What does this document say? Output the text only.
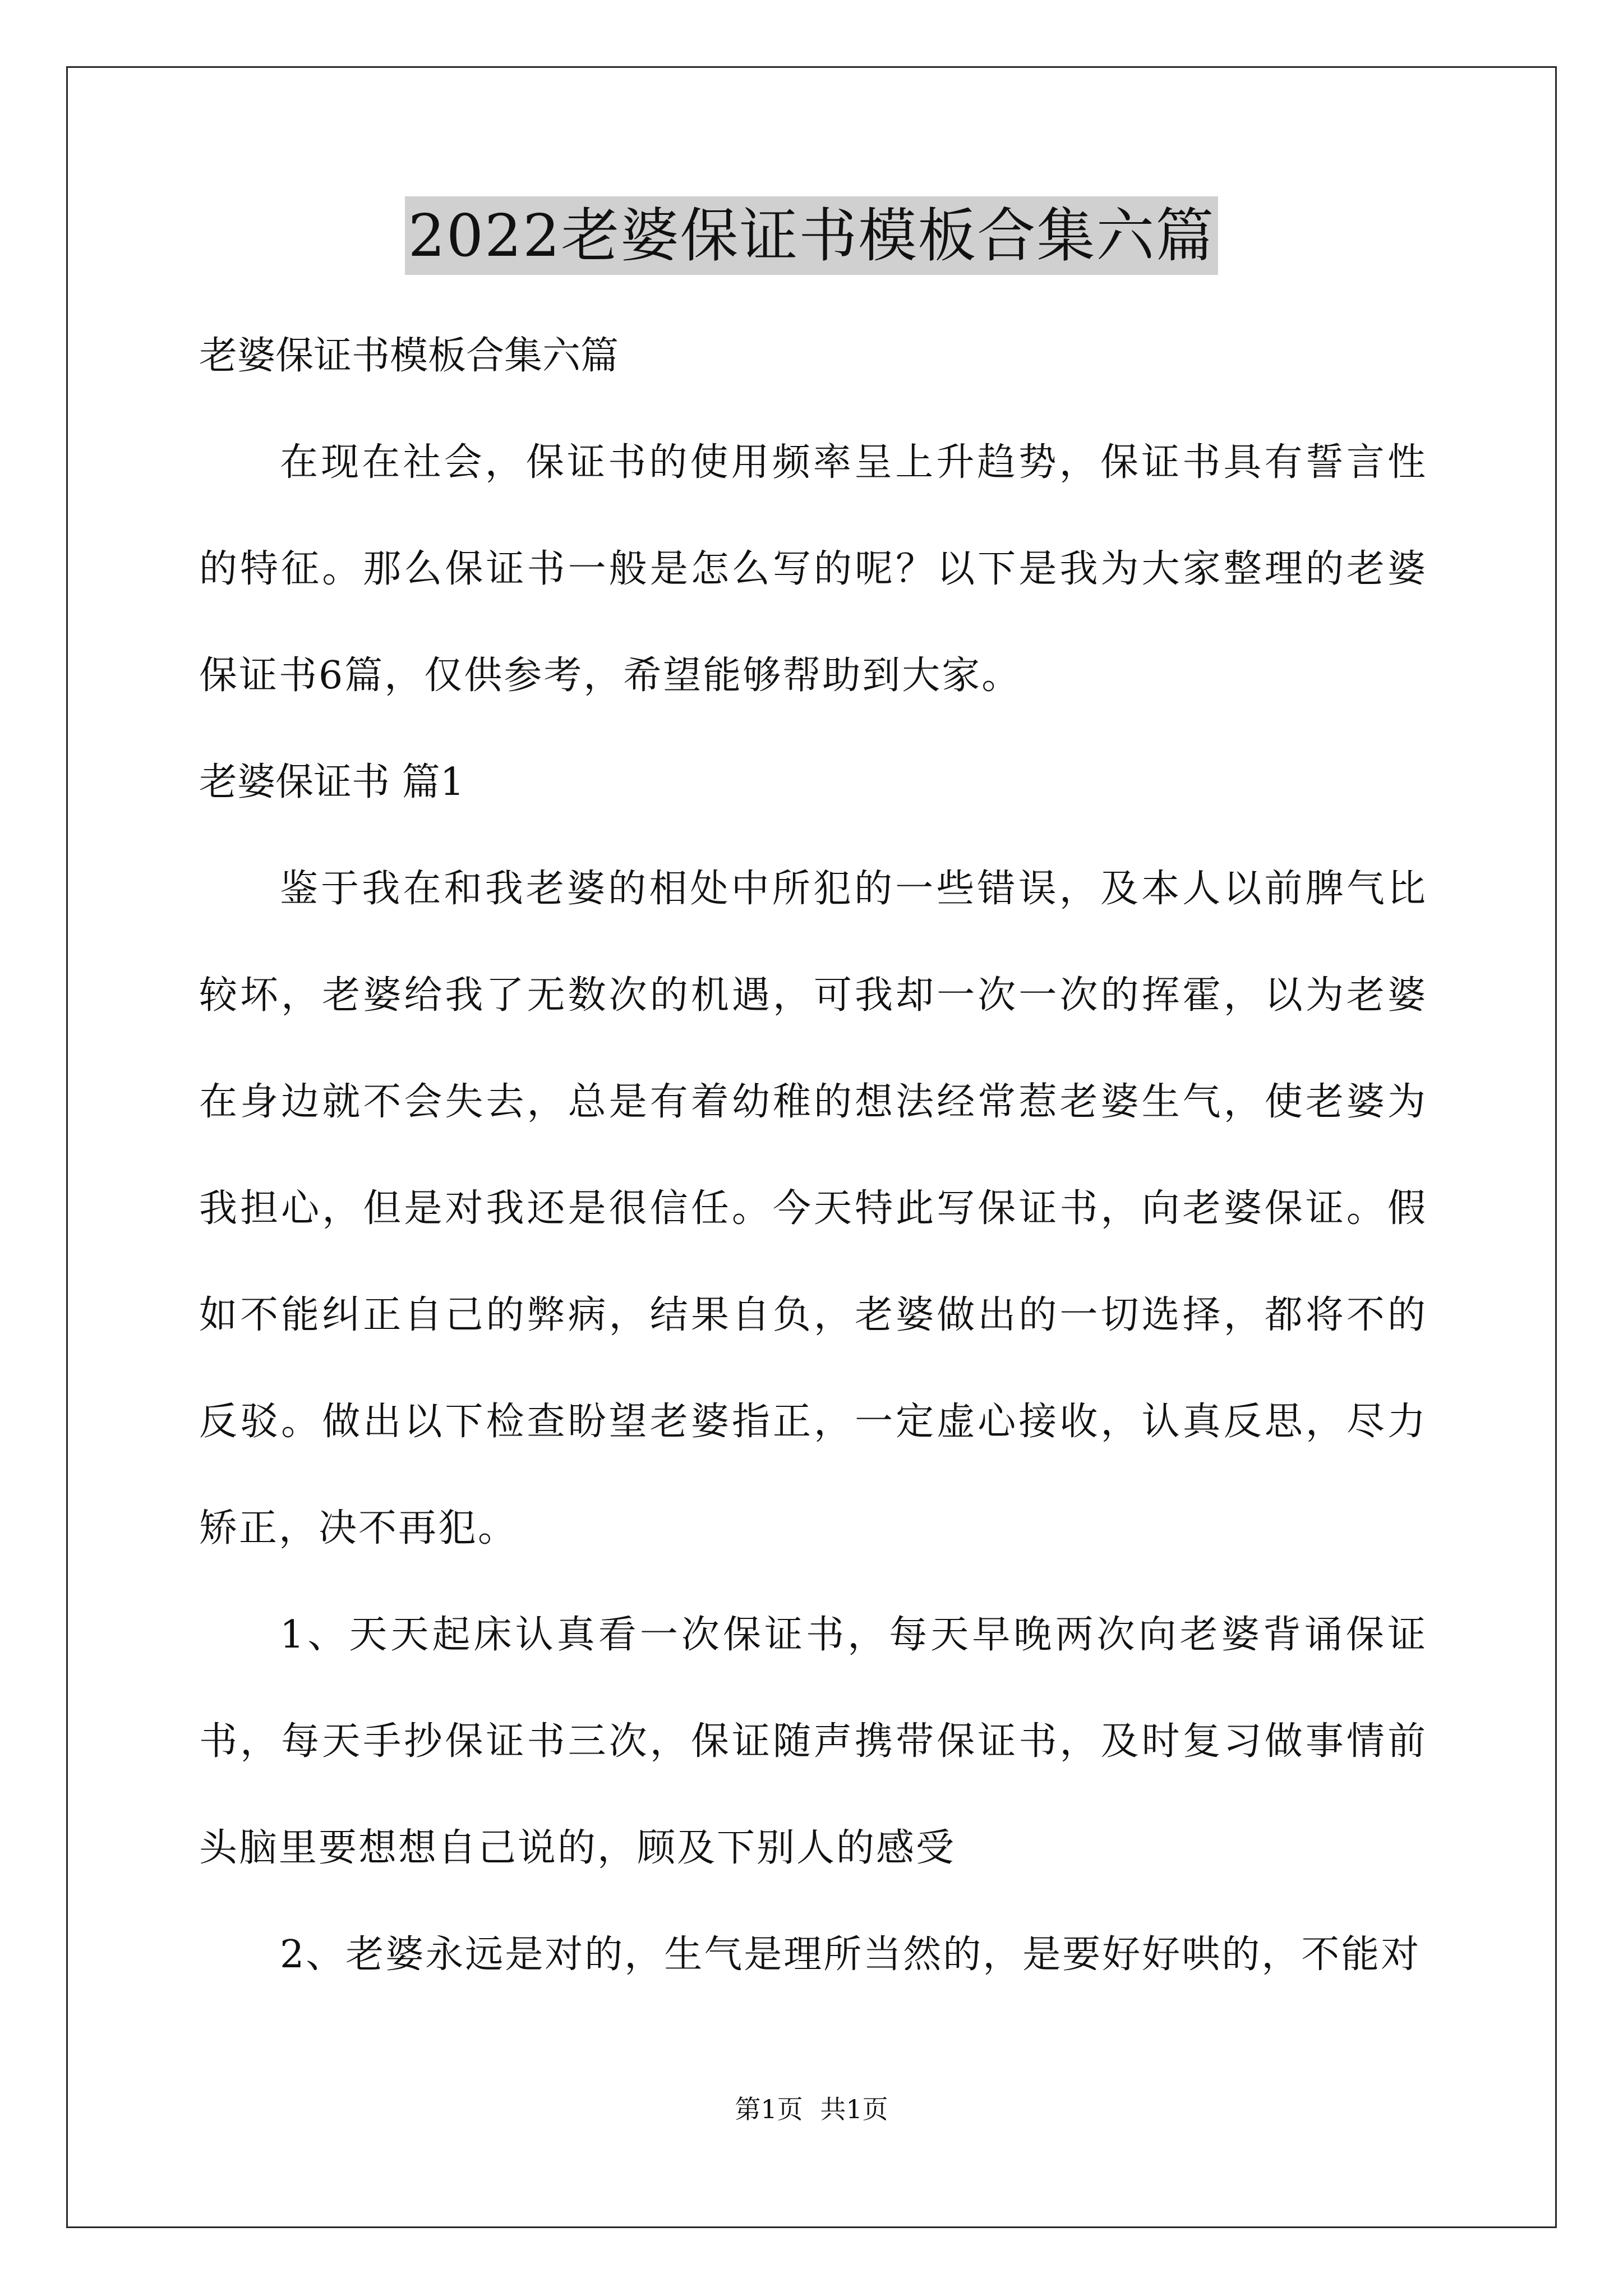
2022老婆保证书模板合集六篇

老婆保证书模板合集六篇

在现在社会，保证书的使用频率呈上升趋势，保证书具有誓言性的特征。那么保证书一般是怎么写的呢？以下是我为大家整理的老婆保证书6篇，仅供参考，希望能够帮助到大家。

老婆保证书 篇1

鉴于我在和我老婆的相处中所犯的一些错误，及本人以前脾气比较坏，老婆给我了无数次的机遇，可我却一次一次的挥霍，以为老婆在身边就不会失去，总是有着幼稚的想法经常惹老婆生气，使老婆为我担心，但是对我还是很信任。今天特此写保证书，向老婆保证。假如不能纠正自己的弊病，结果自负，老婆做出的一切选择，都将不的反驳。做出以下检查盼望老婆指正，一定虚心接收，认真反思，尽力矫正，决不再犯。

1、天天起床认真看一次保证书，每天早晚两次向老婆背诵保证书，每天手抄保证书三次，保证随声携带保证书，及时复习做事情前头脑里要想想自己说的，顾及下别人的感受

2、老婆永远是对的，生气是理所当然的，是要好好哄的，不能对

第1页 共1页
